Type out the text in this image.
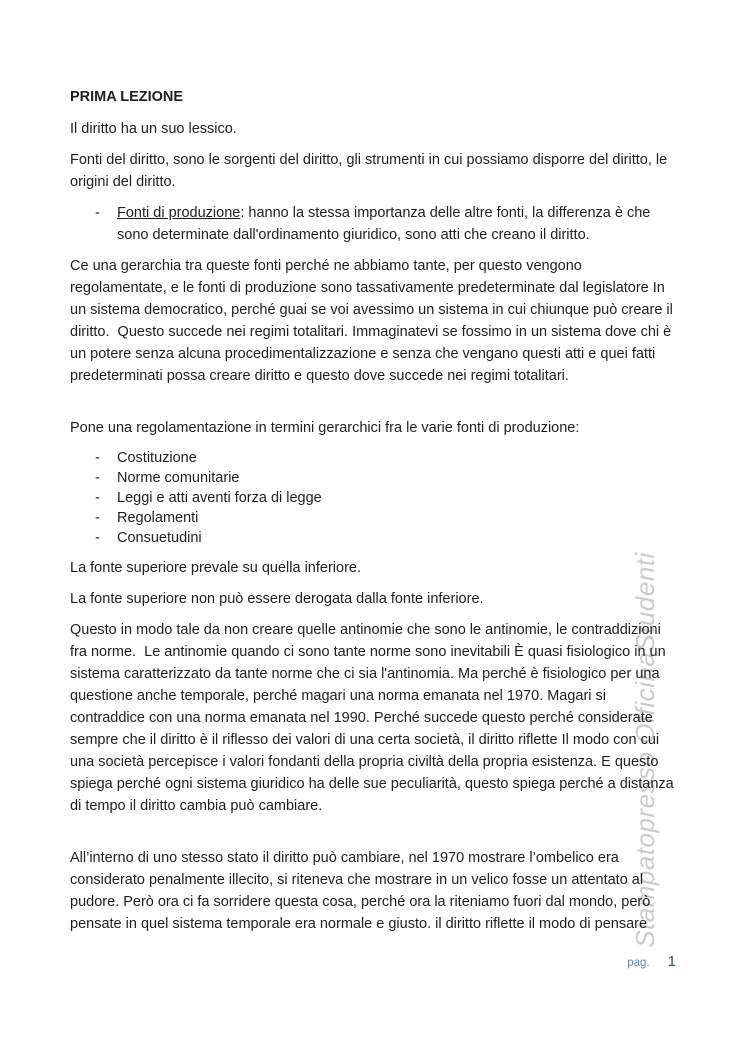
Stampatopresso OfficinaStudenti
PRIMA LEZIONE

Il diritto ha un suo lessico.

Fonti del diritto, sono le sorgenti del diritto, gli strumenti in cui possiamo disporre del diritto, le origini del diritto.

- Fonti di produzione: hanno la stessa importanza delle altre fonti, la differenza è che sono determinate dall'ordinamento giuridico, sono atti che creano il diritto.

Ce una gerarchia tra queste fonti perché ne abbiamo tante, per questo vengono regolamentate, e le fonti di produzione sono tassativamente predeterminate dal legislatore In un sistema democratico, perché guai se voi avessimo un sistema in cui chiunque può creare il diritto.  Questo succede nei regimi totalitari. Immaginatevi se fossimo in un sistema dove chi è un potere senza alcuna procedimentalizzazione e senza che vengano questi atti e quei fatti predeterminati possa creare diritto e questo dove succede nei regimi totalitari.

Pone una regolamentazione in termini gerarchici fra le varie fonti di produzione:

- Costituzione
- Norme comunitarie
- Leggi e atti aventi forza di legge
- Regolamenti
- Consuetudini

La fonte superiore prevale su quella inferiore.

La fonte superiore non può essere derogata dalla fonte inferiore.

Questo in modo tale da non creare quelle antinomie che sono le antinomie, le contraddizioni fra norme.  Le antinomie quando ci sono tante norme sono inevitabili È quasi fisiologico in un sistema caratterizzato da tante norme che ci sia l'antinomia. Ma perché è fisiologico per una questione anche temporale, perché magari una norma emanata nel 1970. Magari si contraddice con una norma emanata nel 1990. Perché succede questo perché considerate sempre che il diritto è il riflesso dei valori di una certa società, il diritto riflette Il modo con cui una società percepisce i valori fondanti della propria civiltà della propria esistenza. E questo spiega perché ogni sistema giuridico ha delle sue peculiarità, questo spiega perché a distanza di tempo il diritto cambia può cambiare.

All’interno di uno stesso stato il diritto può cambiare, nel 1970 mostrare l’ombelico era considerato penalmente illecito, si riteneva che mostrare in un velico fosse un attentato al pudore. Però ora ci fa sorridere questa cosa, perché ora la riteniamo fuori dal mondo, però pensate in quel sistema temporale era normale e giusto. il diritto riflette il modo di pensare

pag. 1
